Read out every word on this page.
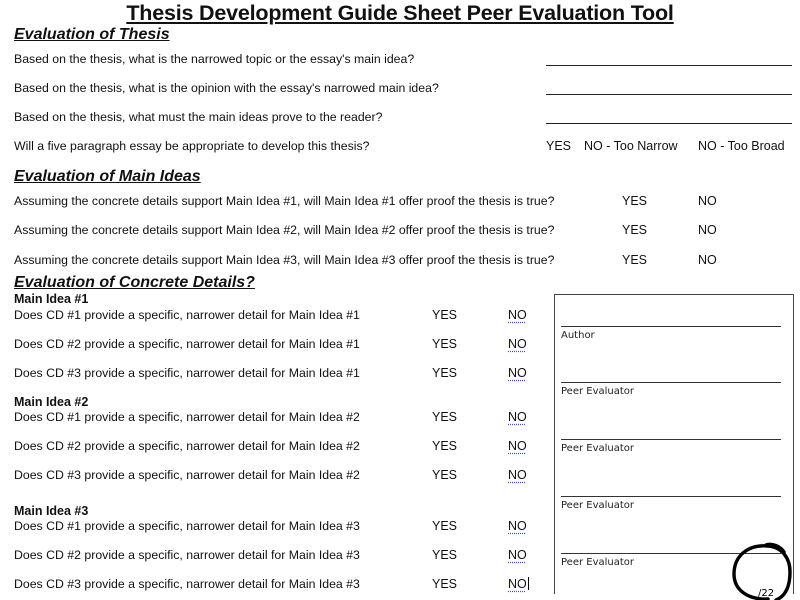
Thesis Development Guide Sheet Peer Evaluation Tool
Evaluation of Thesis
Based on the thesis, what is the narrowed topic or the essay's main idea?
Based on the thesis, what is the opinion with the essay's narrowed main idea?
Based on the thesis, what must the main ideas prove to the reader?
Will a five paragraph essay be appropriate to develop this thesis?	YES NO - Too Narrow NO - Too Broad
Evaluation of Main Ideas
Assuming the concrete details support Main Idea #1, will Main Idea #1 offer proof the thesis is true?	YES	NO
Assuming the concrete details support Main Idea #2, will Main Idea #2 offer proof the thesis is true?	YES	NO
Assuming the concrete details support Main Idea #3, will Main Idea #3 offer proof the thesis is true?	YES	NO
Evaluation of Concrete Details?
Main Idea #1
Does CD #1 provide a specific, narrower detail for Main Idea #1	YES	NO
Does CD #2 provide a specific, narrower detail for Main Idea #1	YES	NO
Does CD #3 provide a specific, narrower detail for Main Idea #1	YES	NO
Main Idea #2
Does CD #1 provide a specific, narrower detail for Main Idea #2	YES	NO
Does CD #2 provide a specific, narrower detail for Main Idea #2	YES	NO
Does CD #3 provide a specific, narrower detail for Main Idea #2	YES	NO
Main Idea #3
Does CD #1 provide a specific, narrower detail for Main Idea #3	YES	NO
Does CD #2 provide a specific, narrower detail for Main Idea #3	YES	NO
Does CD #3 provide a specific, narrower detail for Main Idea #3	YES	NO
Author
Peer Evaluator
Peer Evaluator
Peer Evaluator
Peer Evaluator
/22
